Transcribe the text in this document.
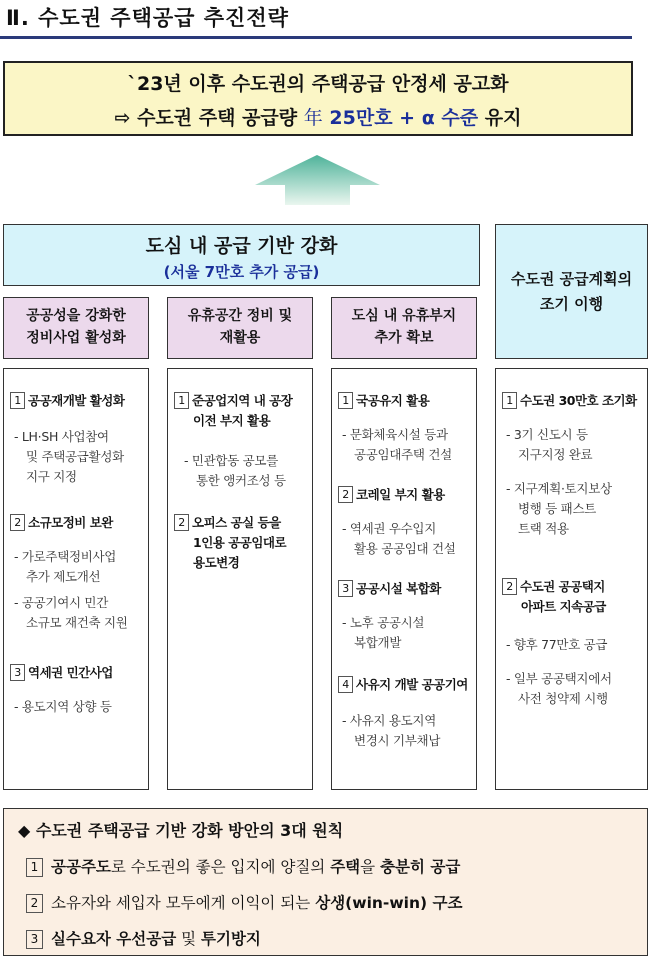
Ⅱ. 수도권 주택공급 추진전략
`23년 이후 수도권의 주택공급 안정세 공고화
⇨ 수도권 주택 공급량 年 25만호 + α 수준 유지
도심 내 공급 기반 강화
(서울 7만호 추가 공급)	수도권 공급계획의
조기 이행
공공성을 강화한
정비사업 활성화
유휴공간 정비 및
재활용
도심 내 유휴부지
추가 확보
1 공공재개발 활성화
- LH·SH 사업참여
및 주택공급활성화
지구 지정
2 소규모정비 보완
- 가로주택정비사업
추가 제도개선
- 공공기여시 민간
소규모 재건축 지원
3 역세권 민간사업
- 용도지역 상향 등
1 준공업지역 내 공장
이전 부지 활용
- 민관합동 공모를
통한 앵커조성 등
2 오피스 공실 등을
1인용 공공임대로
용도변경
1 국공유지 활용
- 문화체육시설 등과
공공임대주택 건설
2 코레일 부지 활용
- 역세권 우수입지
활용 공공임대 건설
3 공공시설 복합화
- 노후 공공시설
복합개발
4 사유지 개발 공공기여
- 사유지 용도지역
변경시 기부채납
1 수도권 30만호 조기화
- 3기 신도시 등
지구지정 완료
- 지구계획·토지보상
병행 등 패스트
트랙 적용
2 수도권 공공택지
아파트 지속공급
- 향후 77만호 공급
- 일부 공공택지에서
사전 청약제 시행
◆ 수도권 주택공급 기반 강화 방안의 3대 원칙
1 공공주도로 수도권의 좋은 입지에 양질의 주택을 충분히 공급
2 소유자와 세입자 모두에게 이익이 되는 상생(win-win) 구조
3 실수요자 우선공급 및 투기방지
